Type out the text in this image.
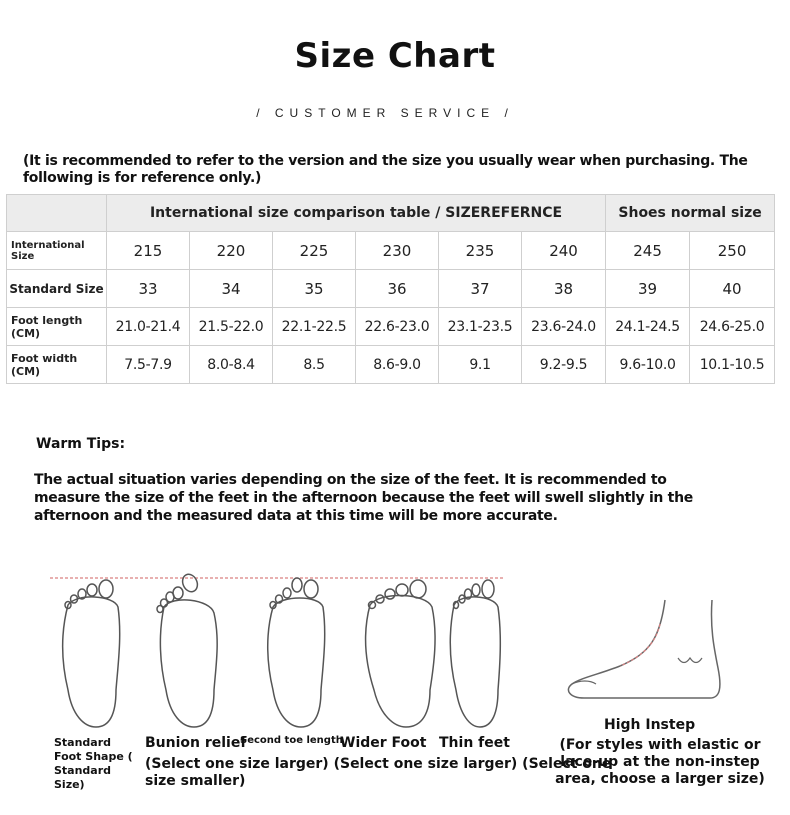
Size Chart
/ CUSTOMER SERVICE /
(It is recommended to refer to the version and the size you usually wear when purchasing. The following is for reference only.)
	International size comparison table / SIZEREFERNCE						Shoes normal size	
International Size	215	220	225	230	235	240	245	250
Standard Size	33	34	35	36	37	38	39	40
Foot length (CM)	21.0-21.4	21.5-22.0	22.1-22.5	22.6-23.0	23.1-23.5	23.6-24.0	24.1-24.5	24.6-25.0
Foot width (CM)	7.5-7.9	8.0-8.4	8.5	8.6-9.0	9.1	9.2-9.5	9.6-10.0	10.1-10.5
Warm Tips:
The actual situation varies depending on the size of the feet. It is recommended to measure the size of the feet in the afternoon because the feet will swell slightly in the afternoon and the measured data at this time will be more accurate.
Standard Foot Shape ( Standard Size)
Bunion relief
Second toe length
Wider Foot Thin feet
(Select one size larger) (Select one size larger) (Select one
size smaller)
High Instep
(For styles with elastic or lace-up at the non-instep area, choose a larger size)
